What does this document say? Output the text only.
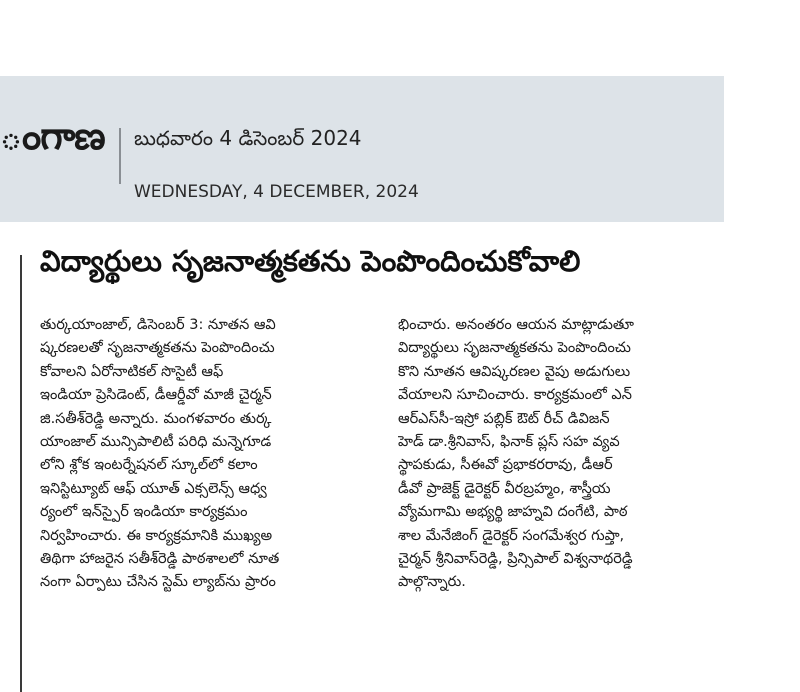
ంగాణ బుధవారం 4 డిసెంబర్ 2024
WEDNESDAY, 4 DECEMBER, 2024
విద్యార్థులు సృజనాత్మకతను పెంపొందించుకోవాలి
తుర్కయాంజాల్, డిసెంబర్ 3: నూతన ఆవి
ష్కరణలతో సృజనాత్మకతను పెంపొందించు
కోవాలని ఏరోనాటికల్ సొసైటీ ఆఫ్
ఇండియా ప్రెసిడెంట్, డీఆర్డీవో మాజీ చైర్మన్
జి.సతీశ్‌రెడ్డి అన్నారు. మంగళవారం తుర్క
యాంజాల్ మున్సిపాలిటీ పరిధి మన్నెగూడ
లోని శ్లోక ఇంటర్నేషనల్ స్కూల్‌లో కలాం
ఇనిస్టిట్యూట్ ఆఫ్ యూత్ ఎక్సలెన్స్ ఆధ్వ
ర్యంలో ఇన్‌స్పైర్ ఇండియా కార్యక్రమం
నిర్వహించారు. ఈ కార్యక్రమానికి ముఖ్యఅ
తిథిగా హాజరైన సతీశ్‌రెడ్డి పాఠశాలలో నూత
నంగా ఏర్పాటు చేసిన స్టెమ్ ల్యాబ్‌ను ప్రారం
భించారు. అనంతరం ఆయన మాట్లాడుతూ
విద్యార్థులు సృజనాత్మకతను పెంపొందించు
కొని నూతన ఆవిష్కరణల వైపు అడుగులు
వేయాలని సూచించారు. కార్యక్రమంలో ఎన్
ఆర్ఎస్‌సీ-ఇస్రో పబ్లిక్ ఔట్ రీచ్ డివిజన్
హెడ్ డా.శ్రీనివాస్, ఫినాక్ ప్లస్ సహ వ్యవ
స్థాపకుడు, సీఈవో ప్రభాకరరావు, డీఆర్
డీవో ప్రాజెక్ట్ డైరెక్టర్ వీరబ్రహ్మం, శాస్త్రీయ
వ్యోమగామి అభ్యర్థి జాహ్నవి దంగేటి, పాఠ
శాల మేనేజింగ్ డైరెక్టర్ సంగమేశ్వర గుప్తా,
చైర్మన్ శ్రీనివాస్‌రెడ్డి, ప్రిన్సిపాల్ విశ్వనాథరెడ్డి
పాల్గొన్నారు.
